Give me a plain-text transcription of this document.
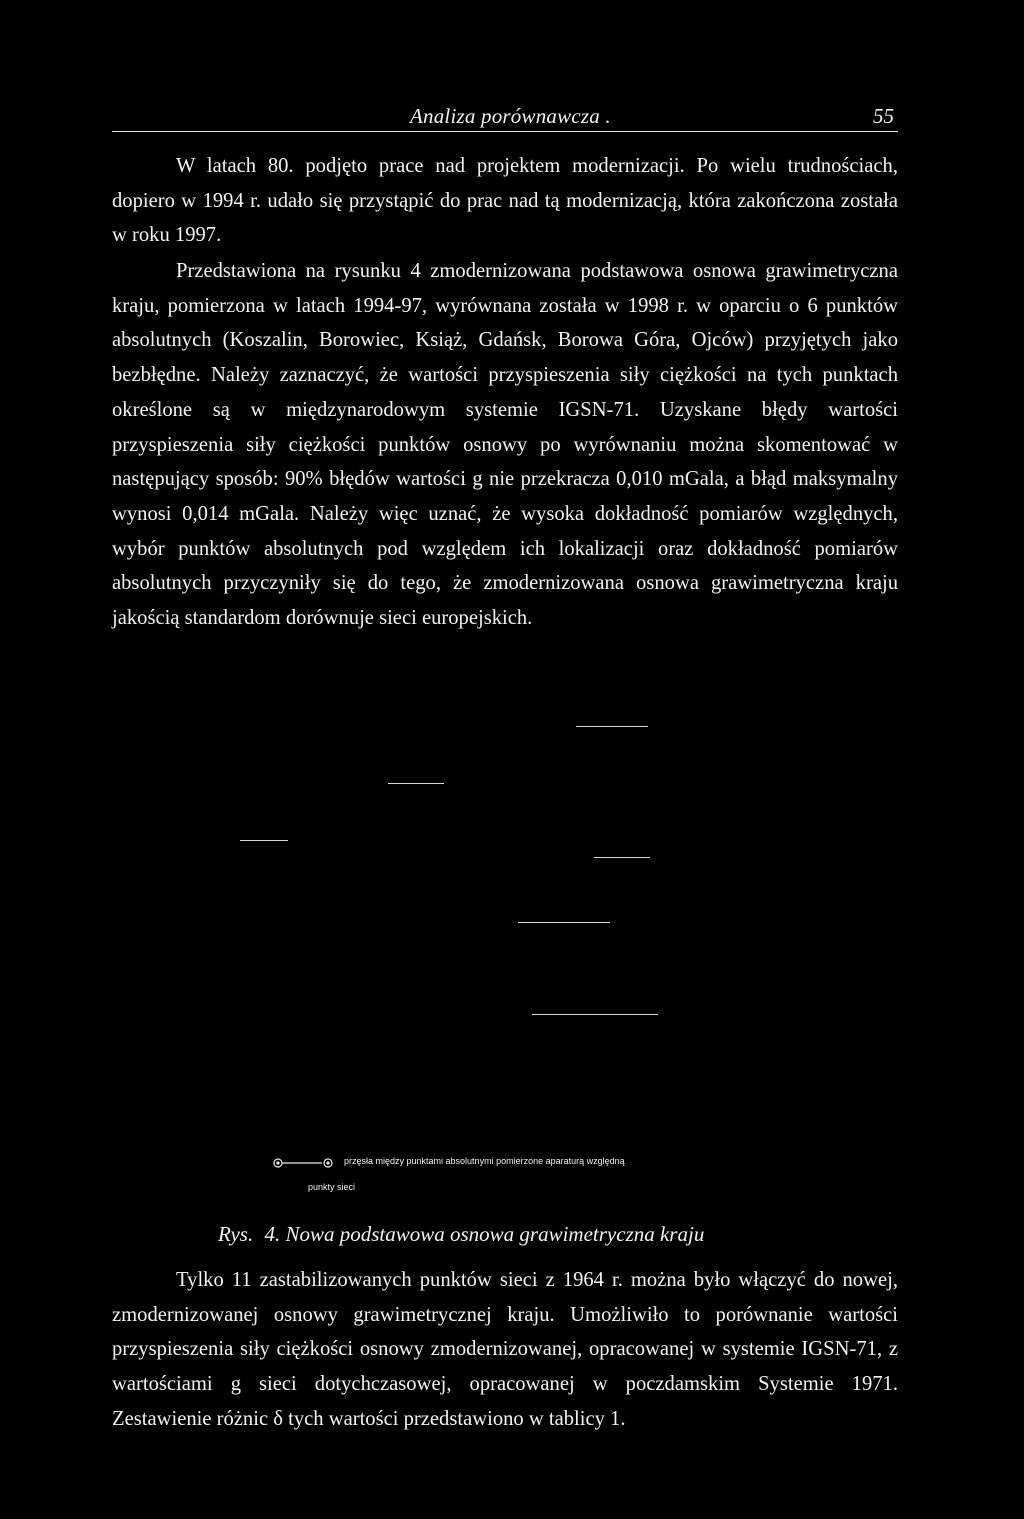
Analiza porównawcza .	55

W latach 80. podjęto prace nad projektem modernizacji. Po wielu trudnościach, dopiero w 1994 r. udało się przystąpić do prac nad tą modernizacją, która zakończona została w roku 1997.

Przedstawiona na rysunku 4 zmodernizowana podstawowa osnowa grawimetryczna kraju, pomierzona w latach 1994-97, wyrównana została w 1998 r. w oparciu o 6 punktów absolutnych (Koszalin, Borowiec, Książ, Gdańsk, Borowa Góra, Ojców) przyjętych jako bezbłędne. Należy zaznaczyć, że wartości przyspieszenia siły ciężkości na tych punktach określone są w międzynarodowym systemie IGSN-71. Uzyskane błędy wartości przyspieszenia siły ciężkości punktów osnowy po wyrównaniu można skomentować w następujący sposób: 90% błędów wartości g nie przekracza 0,010 mGala, a błąd maksymalny wynosi 0,014 mGala. Należy więc uznać, że wysoka dokładność pomiarów względnych, wybór punktów absolutnych pod względem ich lokalizacji oraz dokładność pomiarów absolutnych przyczyniły się do tego, że zmodernizowana osnowa grawimetryczna kraju jakością standardom dorównuje sieci europejskich.

przęsła między punktami absolutnymi pomierzone aparaturą względną
punkty sieci
Rys. 4. Nowa podstawowa osnowa grawimetryczna kraju

Tylko 11 zastabilizowanych punktów sieci z 1964 r. można było włączyć do nowej, zmodernizowanej osnowy grawimetrycznej kraju. Umożliwiło to porównanie wartości przyspieszenia siły ciężkości osnowy zmodernizowanej, opracowanej w systemie IGSN-71, z wartościami g sieci dotychczasowej, opracowanej w poczdamskim Systemie 1971. Zestawienie różnic δ tych wartości przedstawiono w tablicy 1.
